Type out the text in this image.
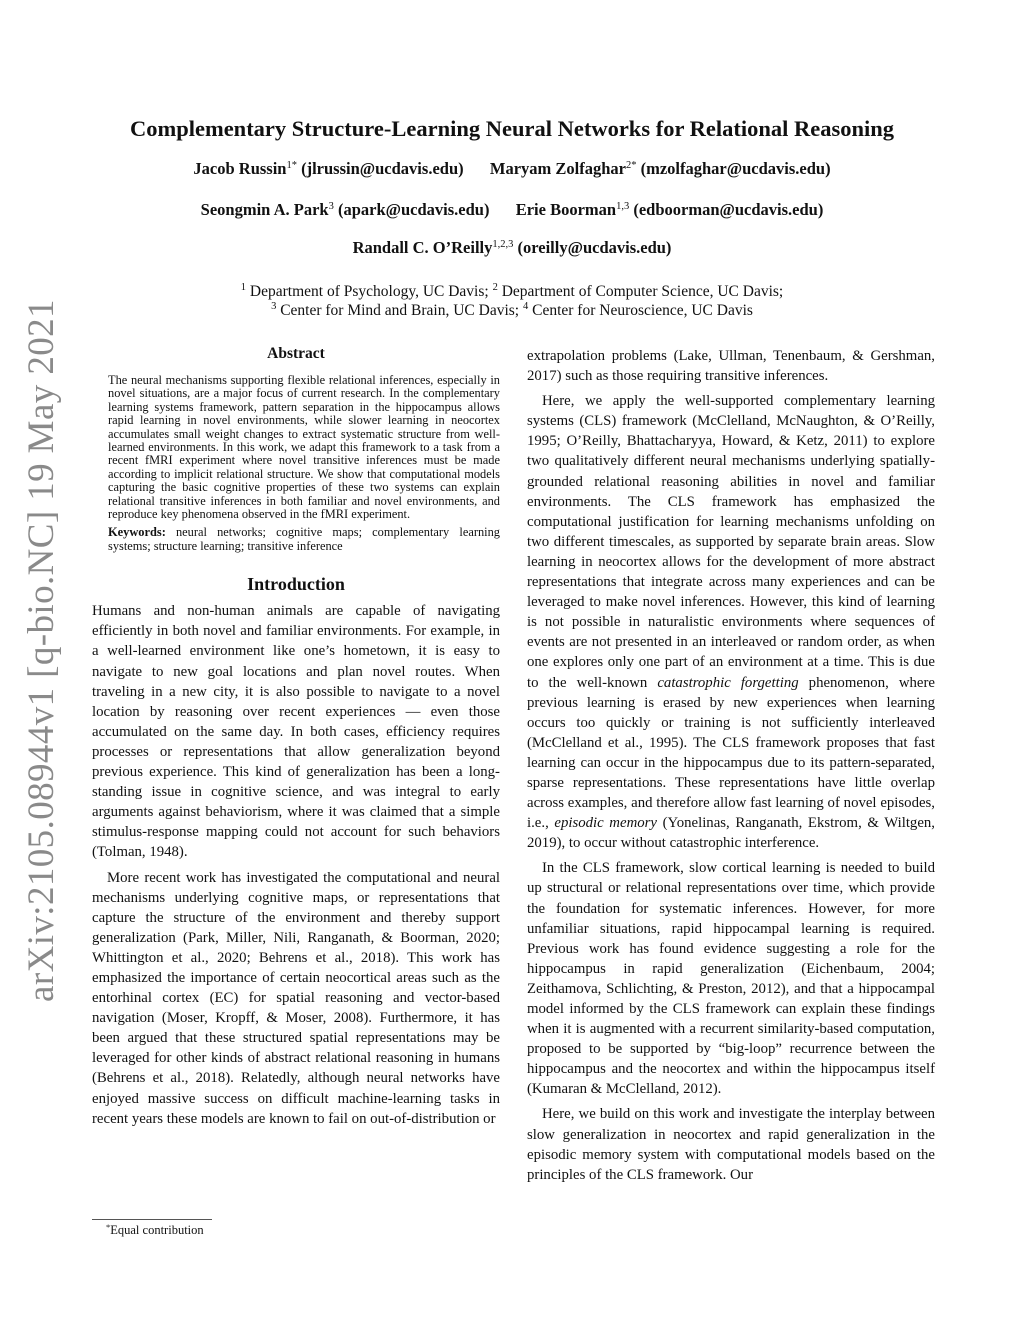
arXiv:2105.08944v1 [q-bio.NC] 19 May 2021
Complementary Structure-Learning Neural Networks for Relational Reasoning
Jacob Russin$^{1*}$ (jlrussin@ucdavis.edu) Maryam Zolfaghar$^{2*}$ (mzolfaghar@ucdavis.edu)
Seongmin A. Park$^3$ (apark@ucdavis.edu) Erie Boorman$^{1,3}$ (edboorman@ucdavis.edu)
Randall C. O’Reilly$^{1,2,3}$ (oreilly@ucdavis.edu)
$^1$ Department of Psychology, UC Davis; $^2$ Department of Computer Science, UC Davis;
$^3$ Center for Mind and Brain, UC Davis; $^4$ Center for Neuroscience, UC Davis
Abstract

The neural mechanisms supporting flexible relational inferences, especially in novel situations, are a major focus of current research. In the complementary learning systems framework, pattern separation in the hippocampus allows rapid learning in novel environments, while slower learning in neocortex accumulates small weight changes to extract systematic structure from well-learned environments. In this work, we adapt this framework to a task from a recent fMRI experiment where novel transitive inferences must be made according to implicit relational structure. We show that computational models capturing the basic cognitive properties of these two systems can explain relational transitive inferences in both familiar and novel environments, and reproduce key phenomena observed in the fMRI experiment.

Keywords: neural networks; cognitive maps; complementary learning systems; structure learning; transitive inference

Introduction

Humans and non-human animals are capable of navigating efficiently in both novel and familiar environments. For example, in a well-learned environment like one’s hometown, it is easy to navigate to new goal locations and plan novel routes. When traveling in a new city, it is also possible to navigate to a novel location by reasoning over recent experiences — even those accumulated on the same day. In both cases, efficiency requires processes or representations that allow generalization beyond previous experience. This kind of generalization has been a long-standing issue in cognitive science, and was integral to early arguments against behaviorism, where it was claimed that a simple stimulus-response mapping could not account for such behaviors (Tolman, 1948).

More recent work has investigated the computational and neural mechanisms underlying cognitive maps, or representations that capture the structure of the environment and thereby support generalization (Park, Miller, Nili, Ranganath, & Boorman, 2020; Whittington et al., 2020; Behrens et al., 2018). This work has emphasized the importance of certain neocortical areas such as the entorhinal cortex (EC) for spatial reasoning and vector-based navigation (Moser, Kropff, & Moser, 2008). Furthermore, it has been argued that these structured spatial representations may be leveraged for other kinds of abstract relational reasoning in humans (Behrens et al., 2018). Relatedly, although neural networks have enjoyed massive success on difficult machine-learning tasks in recent years these models are known to fail on out-of-distribution or

extrapolation problems (Lake, Ullman, Tenenbaum, & Gershman, 2017) such as those requiring transitive inferences.

Here, we apply the well-supported complementary learning systems (CLS) framework (McClelland, McNaughton, & O’Reilly, 1995; O’Reilly, Bhattacharyya, Howard, & Ketz, 2011) to explore two qualitatively different neural mechanisms underlying spatially-grounded relational reasoning abilities in novel and familiar environments. The CLS framework has emphasized the computational justification for learning mechanisms unfolding on two different timescales, as supported by separate brain areas. Slow learning in neocortex allows for the development of more abstract representations that integrate across many experiences and can be leveraged to make novel inferences. However, this kind of learning is not possible in naturalistic environments where sequences of events are not presented in an interleaved or random order, as when one explores only one part of an environment at a time. This is due to the well-known catastrophic forgetting phenomenon, where previous learning is erased by new experiences when learning occurs too quickly or training is not sufficiently interleaved (McClelland et al., 1995). The CLS framework proposes that fast learning can occur in the hippocampus due to its pattern-separated, sparse representations. These representations have little overlap across examples, and therefore allow fast learning of novel episodes, i.e., episodic memory (Yonelinas, Ranganath, Ekstrom, & Wiltgen, 2019), to occur without catastrophic interference.

In the CLS framework, slow cortical learning is needed to build up structural or relational representations over time, which provide the foundation for systematic inferences. However, for more unfamiliar situations, rapid hippocampal learning is required. Previous work has found evidence suggesting a role for the hippocampus in rapid generalization (Eichenbaum, 2004; Zeithamova, Schlichting, & Preston, 2012), and that a hippocampal model informed by the CLS framework can explain these findings when it is augmented with a recurrent similarity-based computation, proposed to be supported by “big-loop” recurrence between the hippocampus and the neocortex and within the hippocampus itself (Kumaran & McClelland, 2012).

Here, we build on this work and investigate the interplay between slow generalization in neocortex and rapid generalization in the episodic memory system with computational models based on the principles of the CLS framework. Our

*Equal contribution
